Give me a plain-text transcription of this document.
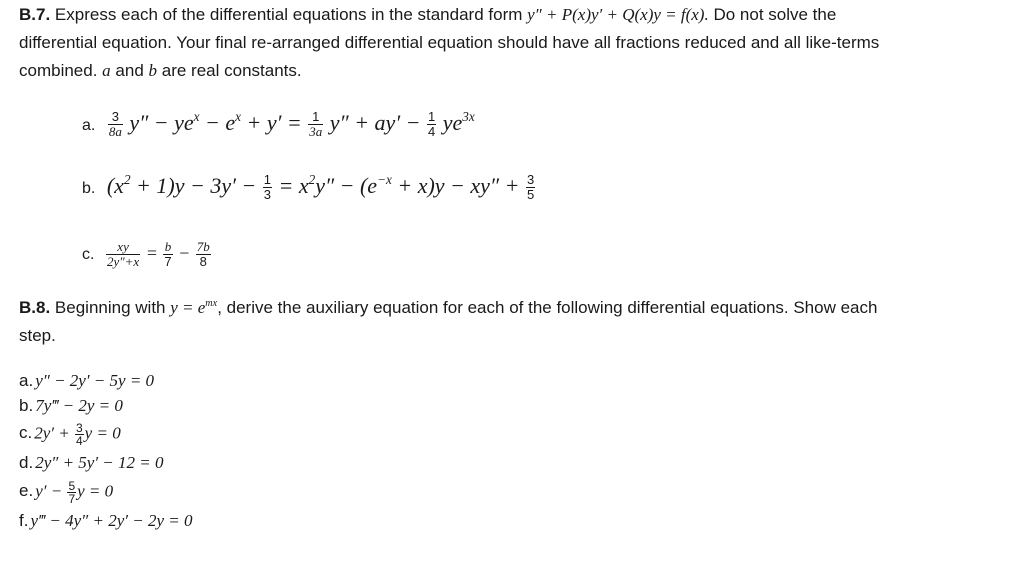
B.7. Express each of the differential equations in the standard form y″ + P(x)y′ + Q(x)y = f(x). Do not solve the
differential equation. Your final re-arranged differential equation should have all fractions reduced and all like-terms
combined. a and b are real constants.
a. $\frac{3}{8a} y'' - ye^x - e^x + y' = \frac{1}{3a} y'' + ay' - \frac{1}{4} ye^{3x}$
b. $(x^2 + 1)y - 3y' - \frac{1}{3} = x^2y'' - (e^{-x} + x)y - xy'' + \frac{3}{5}$
c. $\frac{xy}{2y''+x} = \frac{b}{7} - \frac{7b}{8}$
B.8. Beginning with $y = e^{mx}$, derive the auxiliary equation for each of the following differential equations. Show each
step.
a. y″ − 2y′ − 5y = 0
b. 7y‴ − 2y = 0
c. $2y' + \frac{3}{4}$ y = 0
d. 2y″ + 5y′ − 12 = 0
e. $y' - \frac{5}{7}$ y = 0
f. y‴ − 4y″ + 2y′ − 2y = 0
